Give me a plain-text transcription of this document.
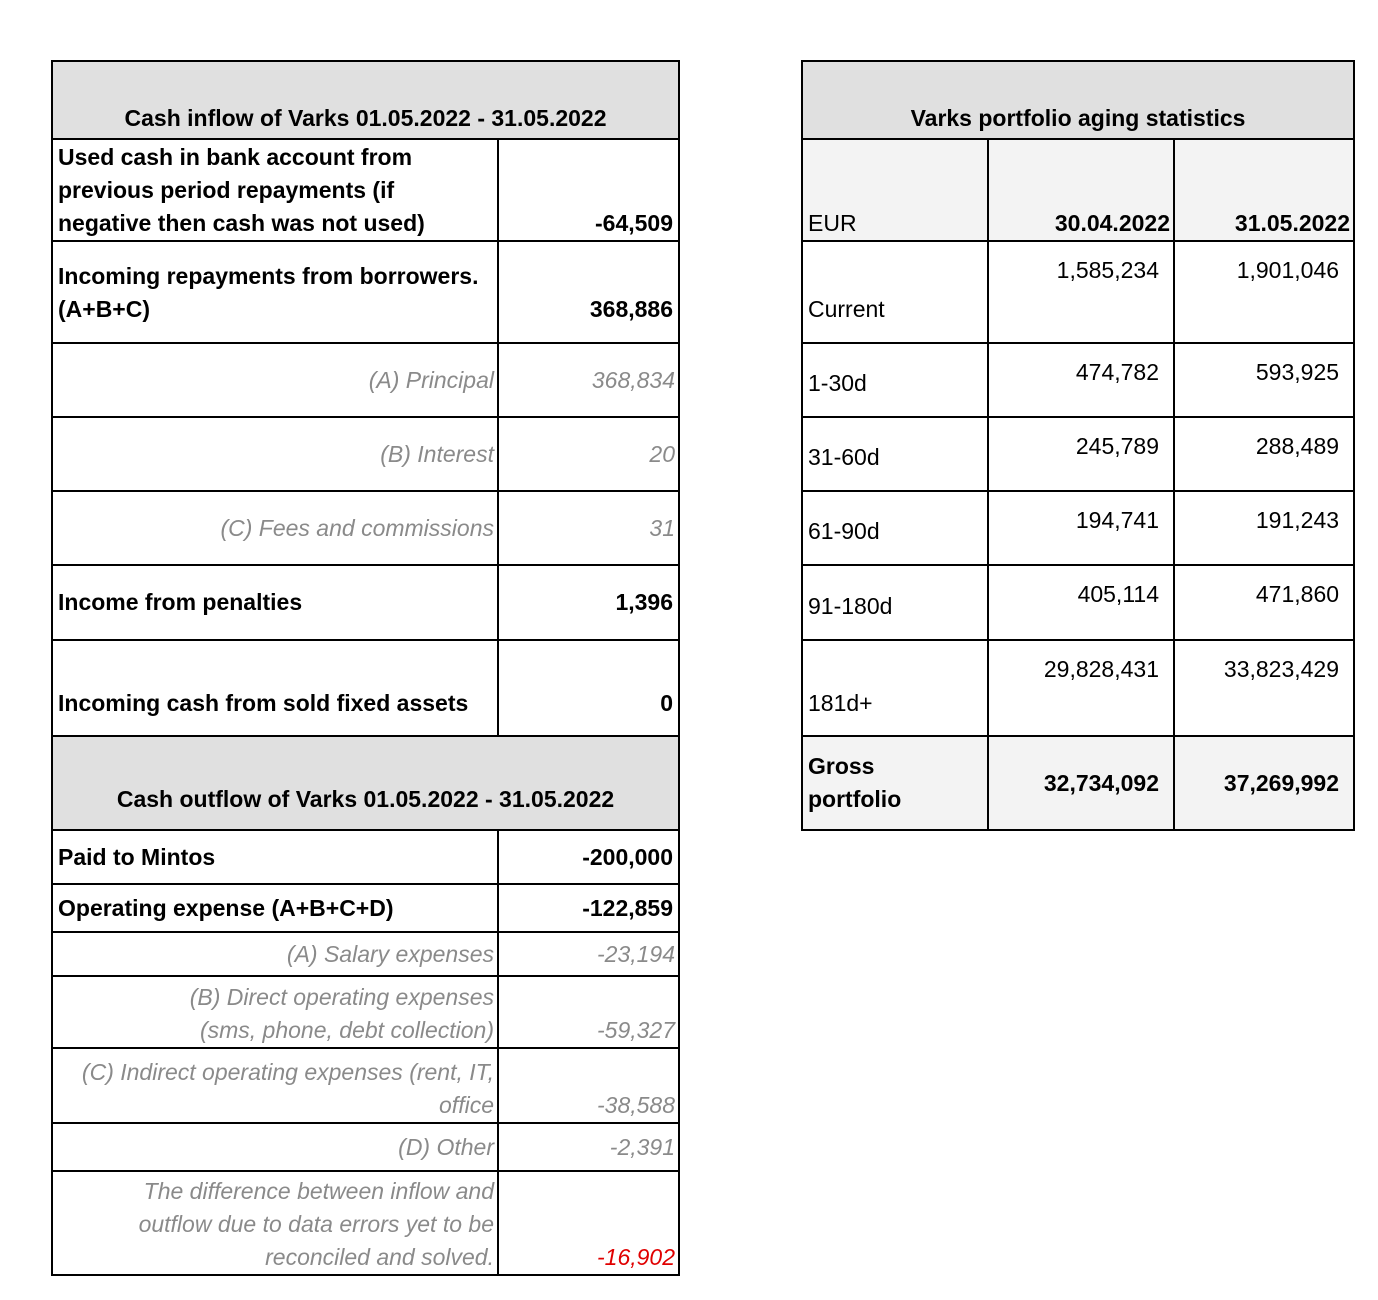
Cash inflow of Varks 01.05.2022 - 31.05.2022	
Used cash in bank account from previous period repayments (if negative then cash was not used)	-64,509
Incoming repayments from borrowers. (A+B+C)	368,886
(A) Principal	368,834
(B) Interest	20
(C) Fees and commissions	31
Income from penalties	1,396
Incoming cash from sold fixed assets	0
Cash outflow of Varks 01.05.2022 - 31.05.2022	
Paid to Mintos	-200,000
Operating expense (A+B+C+D)	-122,859
(A) Salary expenses	-23,194
(B) Direct operating expenses (sms, phone, debt collection)	-59,327
(C) Indirect operating expenses (rent, IT, office	-38,588
(D) Other	-2,391
The difference between inflow and outflow due to data errors yet to be reconciled and solved.	-16,902
Varks portfolio aging statistics		
EUR	30.04.2022	31.05.2022
Current	1,585,234	1,901,046
1-30d	474,782	593,925
31-60d	245,789	288,489
61-90d	194,741	191,243
91-180d	405,114	471,860
181d+	29,828,431	33,823,429
Gross portfolio	32,734,092	37,269,992
